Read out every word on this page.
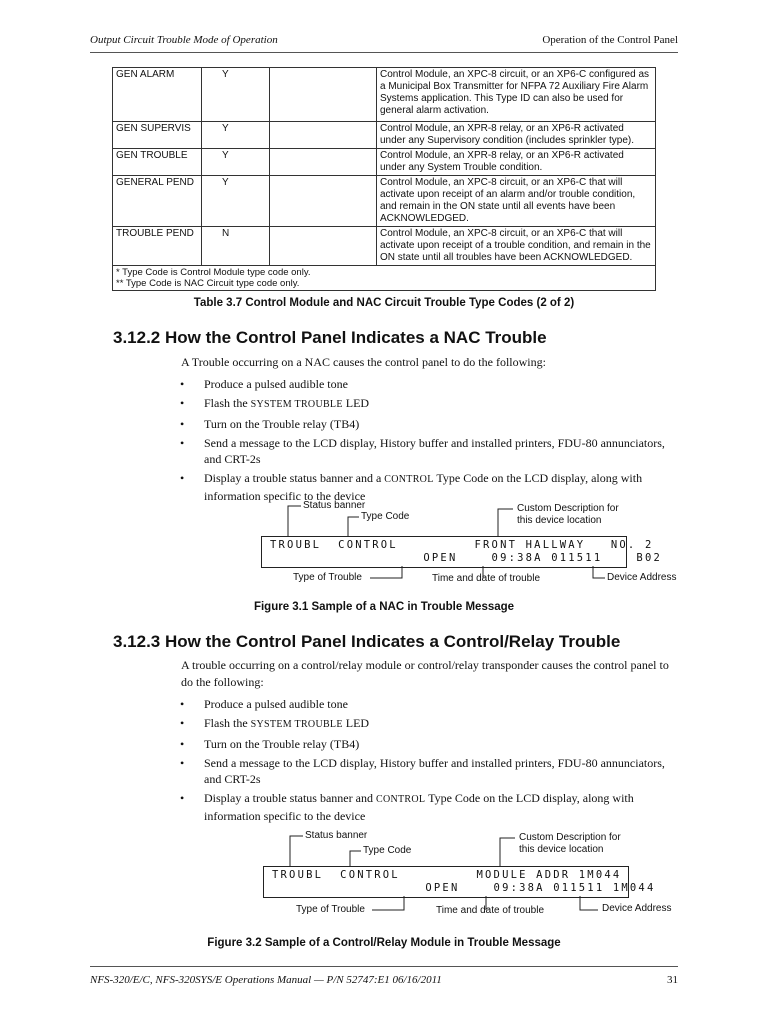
Output Circuit Trouble Mode of Operation	Operation of the Control Panel
GEN ALARM	Y		Control Module, an XPC-8 circuit, or an XP6-C configured as a Municipal Box Transmitter for NFPA 72 Auxiliary Fire Alarm Systems application. This Type ID can also be used for general alarm activation.
GEN SUPERVIS	Y		Control Module, an XPR-8 relay, or an XP6-R activated under any Supervisory condition (includes sprinkler type).
GEN TROUBLE	Y		Control Module, an XPR-8 relay, or an XP6-R activated under any System Trouble condition.
GENERAL PEND	Y		Control Module, an XPC-8 circuit, or an XP6-C that will activate upon receipt of an alarm and/or trouble condition, and remain in the ON state until all events have been ACKNOWLEDGED.
TROUBLE PEND	N		Control Module, an XPC-8 circuit, or an XP6-C that will activate upon receipt of a trouble condition, and remain in the ON state until all troubles have been ACKNOWLEDGED.

* Type Code is Control Module type code only.
** Type Code is NAC Circuit type code only.			
Table 3.7 Control Module and NAC Circuit Trouble Type Codes (2 of 2)
3.12.2 How the Control Panel Indicates a NAC Trouble
A Trouble occurring on a NAC causes the control panel to do the following:
• Produce a pulsed audible tone
• Flash the SYSTEM TROUBLE LED
• Turn on the Trouble relay (TB4)
• Send a message to the LCD display, History buffer and installed printers, FDU-80 annunciators, and CRT-2s
• Display a trouble status banner and a CONTROL Type Code on the LCD display, along with information specific to the device
Status banner
Type Code
Custom Description for
this device location
TROUBL  CONTROL         FRONT HALLWAY   NO. 2
OPEN    09:38A 011511    B02
Type of Trouble	Time and date of trouble	Device Address
Figure 3.1 Sample of a NAC in Trouble Message
3.12.3 How the Control Panel Indicates a Control/Relay Trouble
A trouble occurring on a control/relay module or control/relay transponder causes the control panel to do the following:
• Produce a pulsed audible tone
• Flash the SYSTEM TROUBLE LED
• Turn on the Trouble relay (TB4)
• Send a message to the LCD display, History buffer and installed printers, FDU-80 annunciators, and CRT-2s
• Display a trouble status banner and CONTROL Type Code on the LCD display, along with information specific to the device
Status banner
Type Code
Custom Description for
this device location
TROUBL  CONTROL         MODULE ADDR 1M044
OPEN    09:38A 011511 1M044
Type of Trouble	Time and date of trouble	Device Address
Figure 3.2 Sample of a Control/Relay Module in Trouble Message
NFS-320/E/C, NFS-320SYS/E Operations Manual — P/N 52747:E1 06/16/2011	31
